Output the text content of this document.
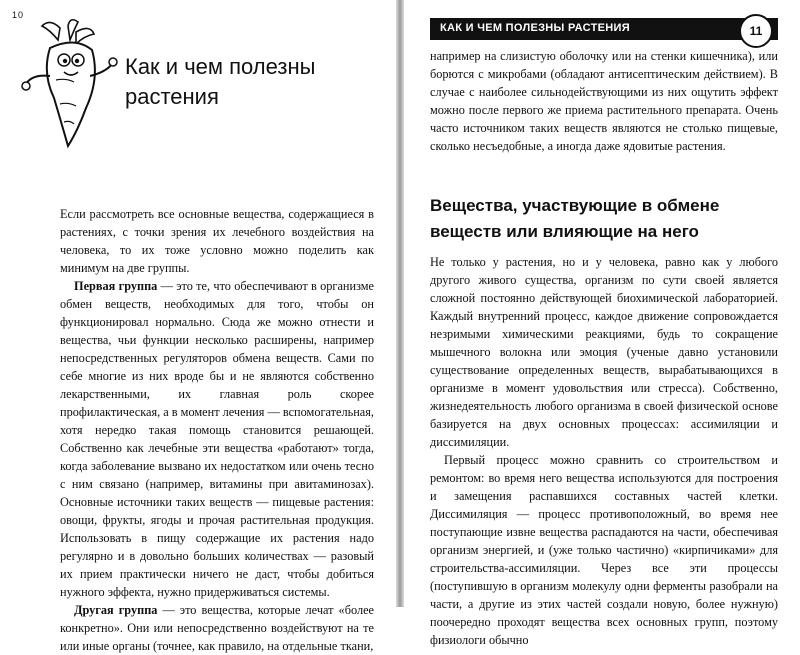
10
Как и чем полезны растения

Если рассмотреть все основные вещества, содержащиеся в растениях, с точки зрения их лечебного воздействия на человека, то их тоже условно можно поделить как минимум на две группы.

Первая группа — это те, что обеспечивают в организме обмен веществ, необходимых для того, чтобы он функционировал нормально. Сюда же можно отнести и вещества, чьи функции несколько расширены, например непосредственных регуляторов обмена веществ. Сами по себе многие из них вроде бы и не являются собственно лекарственными, их главная роль скорее профилактическая, а в момент лечения — вспомогательная, хотя нередко такая помощь становится решающей. Собственно как лечебные эти вещества «работают» тогда, когда заболевание вызвано их недостатком или очень тесно с ним связано (например, витамины при авитаминозах). Основные источники таких веществ — пищевые растения: овощи, фрукты, ягоды и прочая растительная продукция. Использовать в пищу содержащие их растения надо регулярно и в довольно больших количествах — разовый их прием практически ничего не даст, чтобы добиться нужного эффекта, нужно придерживаться системы.

Другая группа — это вещества, которые лечат «более конкретно». Они или непосредственно воздействуют на те или иные органы (точнее, как правило, на отдельные ткани,

КАК И ЧЕМ ПОЛЕЗНЫ РАСТЕНИЯ	11

например на слизистую оболочку или на стенки кишечника), или борются с микробами (обладают антисептическим действием). В случае с наиболее сильнодействующими из них ощутить эффект можно после первого же приема растительного препарата. Очень часто источником таких веществ являются не столько пищевые, сколько несъедобные, а иногда даже ядовитые растения.

Вещества, участвующие в обмене веществ или влияющие на него

Не только у растения, но и у человека, равно как у любого другого живого существа, организм по сути своей является сложной постоянно действующей биохимической лабораторией. Каждый внутренний процесс, каждое движение сопровождается незримыми химическими реакциями, будь то сокращение мышечного волокна или эмоция (ученые давно установили существование определенных веществ, вырабатывающихся в организме в момент удовольствия или стресса). Собственно, жизнедеятельность любого организма в своей физической основе базируется на двух основных процессах: ассимиляции и диссимиляции.

Первый процесс можно сравнить со строительством и ремонтом: во время него вещества используются для построения и замещения распавшихся составных частей клетки. Диссимиляция — процесс противоположный, во время нее поступающие извне вещества распадаются на части, обеспечивая организм энергией, и (уже только частично) «кирпичиками» для строительства-ассимиляции. Через все эти процессы (поступившую в организм молекулу одни ферменты разобрали на части, а другие из этих частей создали новую, более нужную) поочередно проходят вещества всех основных групп, поэтому физиологи обычно
